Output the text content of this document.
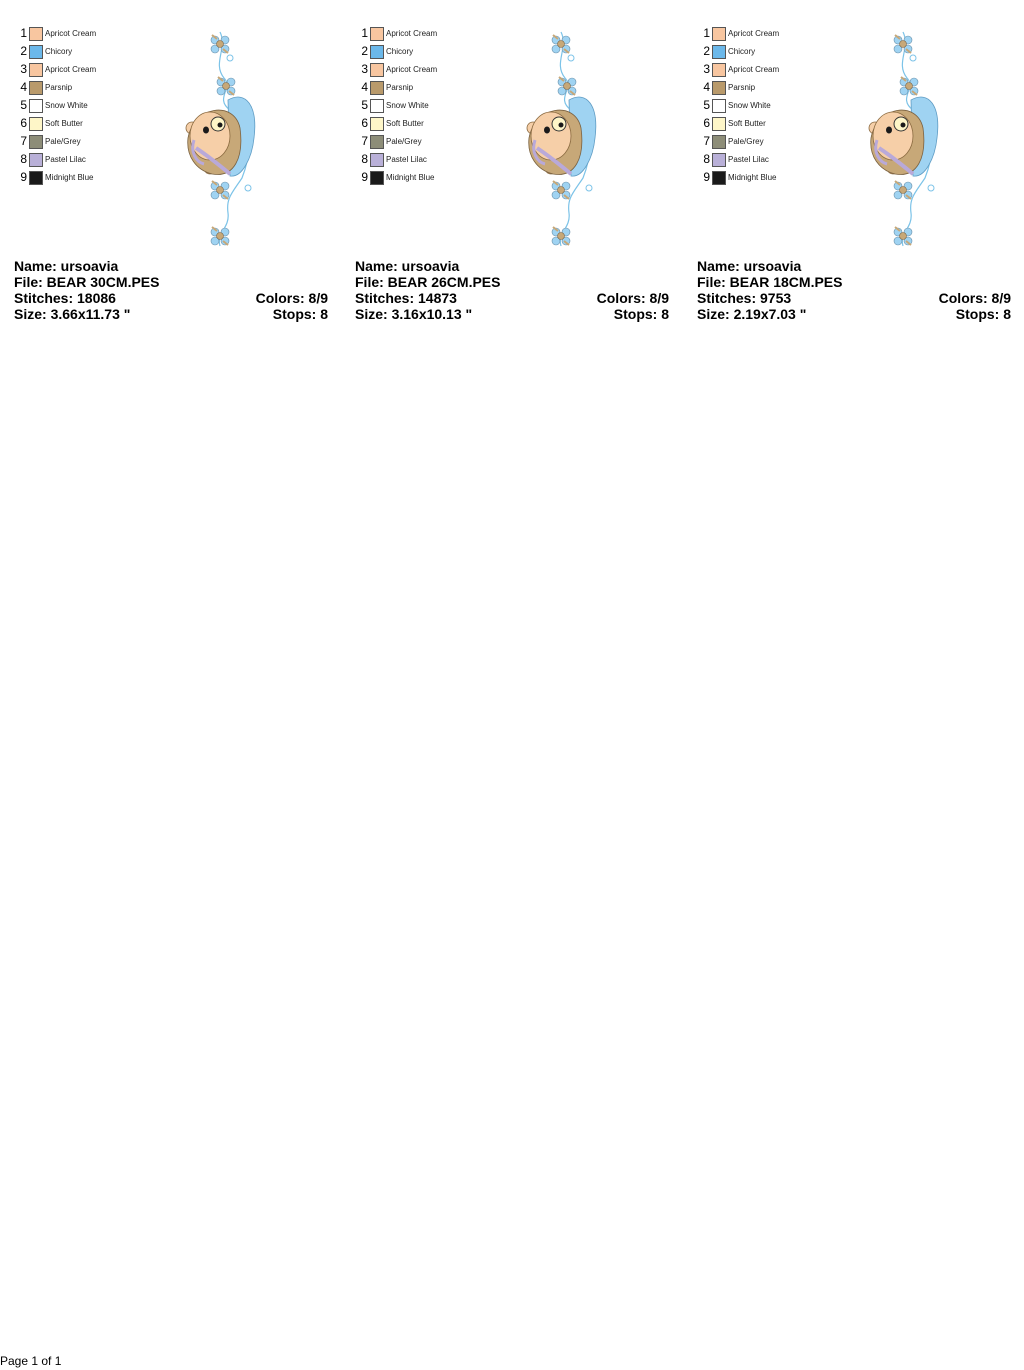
1 Apricot Cream
2 Chicory
3 Apricot Cream
4 Parsnip
5 Snow White
6 Soft Butter
7 Pale/Grey
8 Pastel Lilac
9 Midnight Blue
Name: ursoavia
File: BEAR 30CM.PES
Stitches: 18086	Colors: 8/9
Size: 3.66x11.73 "	Stops: 8
1 Apricot Cream
2 Chicory
3 Apricot Cream
4 Parsnip
5 Snow White
6 Soft Butter
7 Pale/Grey
8 Pastel Lilac
9 Midnight Blue
Name: ursoavia
File: BEAR 26CM.PES
Stitches: 14873	Colors: 8/9
Size: 3.16x10.13 "	Stops: 8
1 Apricot Cream
2 Chicory
3 Apricot Cream
4 Parsnip
5 Snow White
6 Soft Butter
7 Pale/Grey
8 Pastel Lilac
9 Midnight Blue
Name: ursoavia
File: BEAR 18CM.PES
Stitches: 9753	Colors: 8/9
Size: 2.19x7.03 "	Stops: 8
Page 1 of 1
